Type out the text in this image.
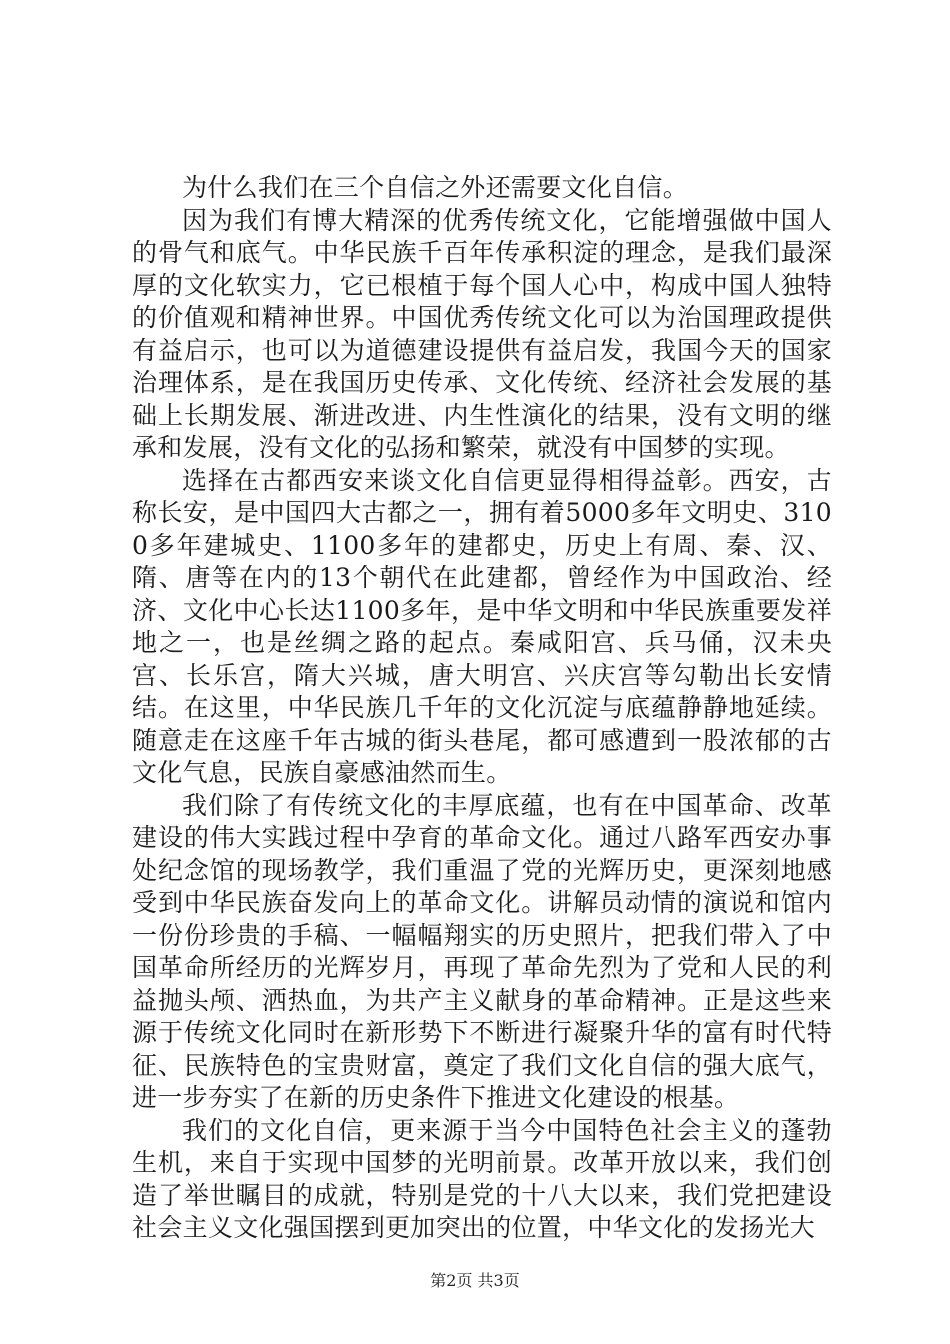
为什么我们在三个自信之外还需要文化自信。

因为我们有博大精深的优秀传统文化，它能增强做中国人的骨气和底气。中华民族千百年传承积淀的理念，是我们最深厚的文化软实力，它已根植于每个国人心中，构成中国人独特的价值观和精神世界。中国优秀传统文化可以为治国理政提供有益启示，也可以为道德建设提供有益启发，我国今天的国家治理体系，是在我国历史传承、文化传统、经济社会发展的基础上长期发展、渐进改进、内生性演化的结果，没有文明的继承和发展，没有文化的弘扬和繁荣，就没有中国梦的实现。

选择在古都西安来谈文化自信更显得相得益彰。西安，古称长安，是中国四大古都之一，拥有着5000多年文明史、3100多年建城史、1100多年的建都史，历史上有周、秦、汉、隋、唐等在内的13个朝代在此建都，曾经作为中国政治、经济、文化中心长达1100多年，是中华文明和中华民族重要发祥地之一，也是丝绸之路的起点。秦咸阳宫、兵马俑，汉未央宫、长乐宫，隋大兴城，唐大明宫、兴庆宫等勾勒出长安情结。在这里，中华民族几千年的文化沉淀与底蕴静静地延续。随意走在这座千年古城的街头巷尾，都可感遭到一股浓郁的古文化气息，民族自豪感油然而生。

我们除了有传统文化的丰厚底蕴，也有在中国革命、改革建设的伟大实践过程中孕育的革命文化。通过八路军西安办事处纪念馆的现场教学，我们重温了党的光辉历史，更深刻地感受到中华民族奋发向上的革命文化。讲解员动情的演说和馆内一份份珍贵的手稿、一幅幅翔实的历史照片，把我们带入了中国革命所经历的光辉岁月，再现了革命先烈为了党和人民的利益抛头颅、洒热血，为共产主义献身的革命精神。正是这些来源于传统文化同时在新形势下不断进行凝聚升华的富有时代特征、民族特色的宝贵财富，奠定了我们文化自信的强大底气，进一步夯实了在新的历史条件下推进文化建设的根基。

我们的文化自信，更来源于当今中国特色社会主义的蓬勃生机，来自于实现中国梦的光明前景。改革开放以来，我们创造了举世瞩目的成就，特别是党的十八大以来，我们党把建设社会主义文化强国摆到更加突出的位置，中华文化的发扬光大

第2页 共3页
